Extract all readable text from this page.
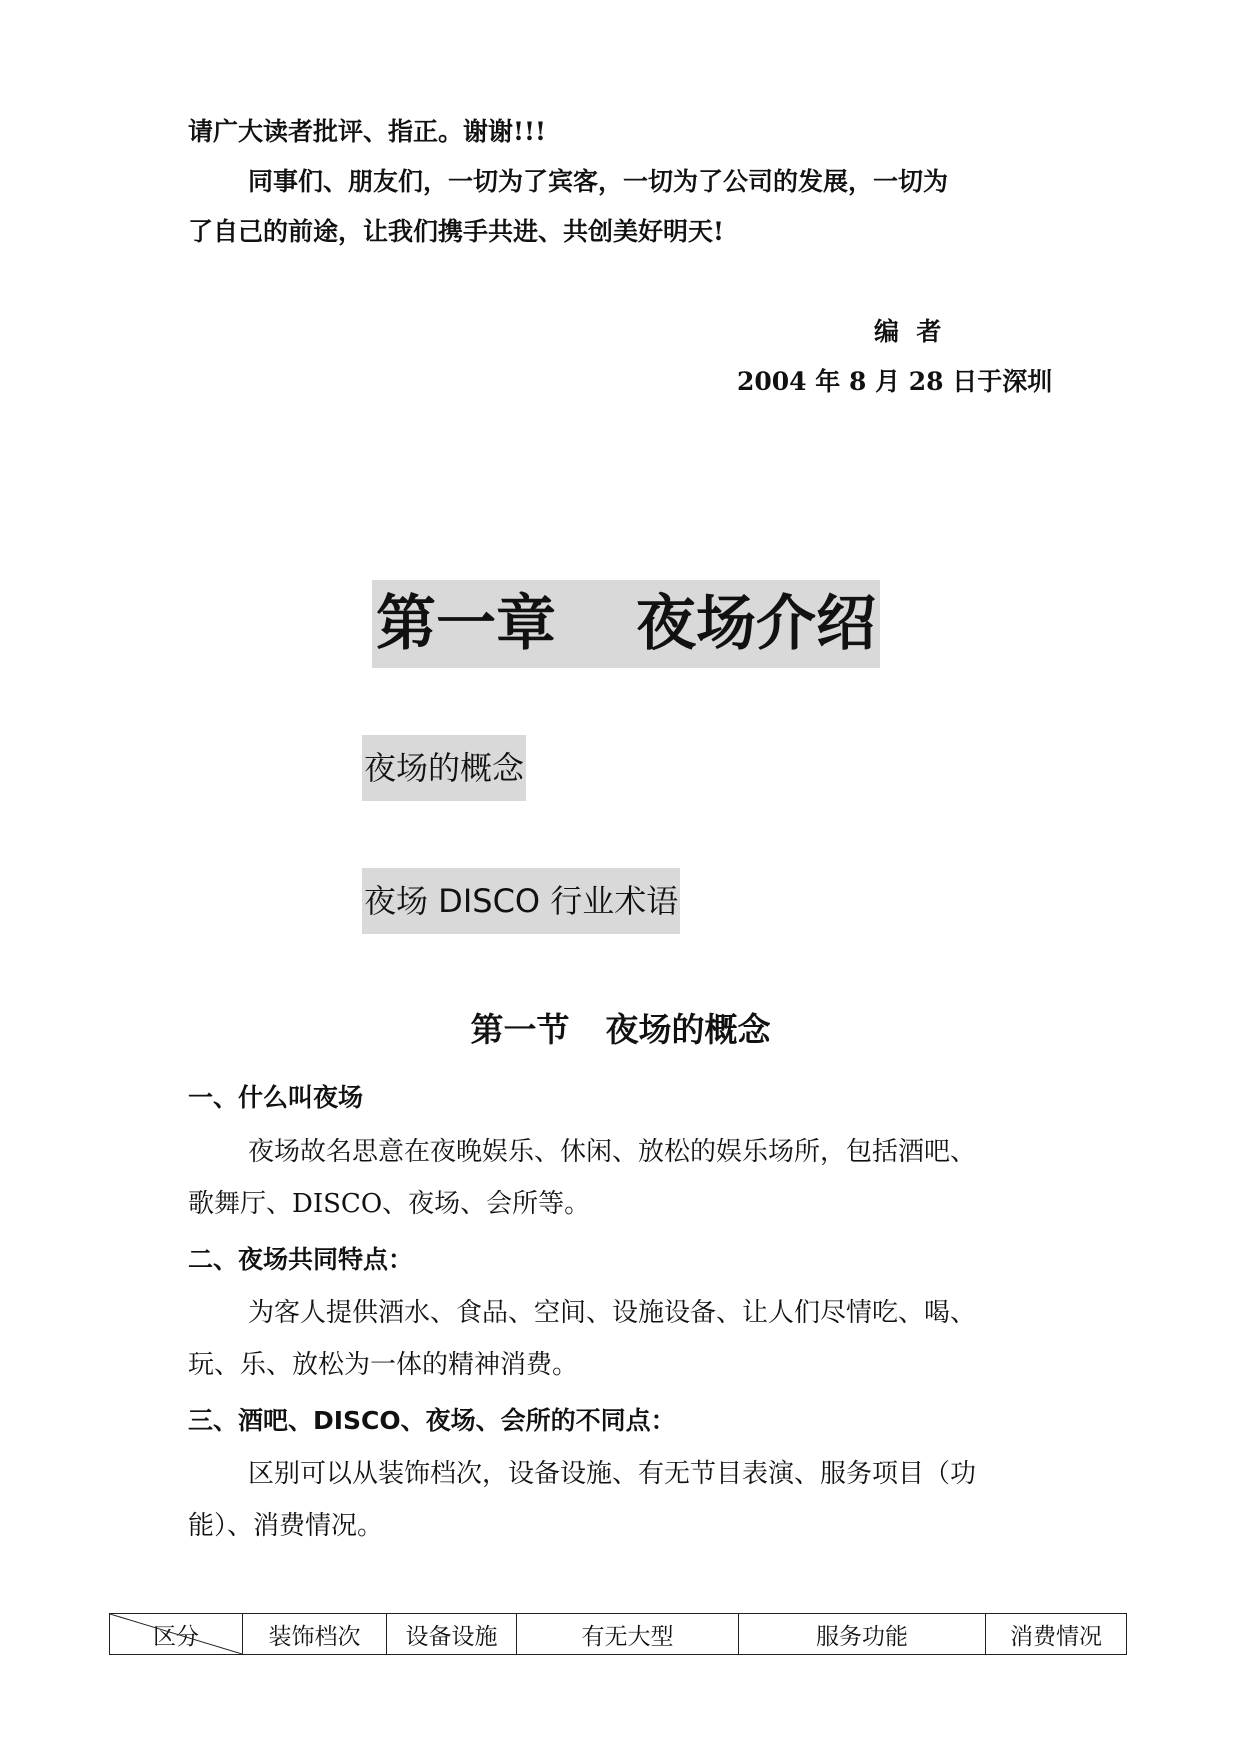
请广大读者批评、指正。谢谢!!!
同事们、朋友们，一切为了宾客，一切为了公司的发展，一切为
了自己的前途，让我们携手共进、共创美好明天!
编  者
2004 年 8 月 28 日于深圳
第一章 夜场介绍
夜场的概念
夜场 DISCO 行业术语
第一节 夜场的概念
一、什么叫夜场
夜场故名思意在夜晚娱乐、休闲、放松的娱乐场所，包括酒吧、
歌舞厅、DISCO、夜场、会所等。
二、夜场共同特点：
为客人提供酒水、食品、空间、设施设备、让人们尽情吃、喝、
玩、乐、放松为一体的精神消费。
三、酒吧、DISCO、夜场、会所的不同点：
区别可以从装饰档次，设备设施、有无节目表演、服务项目（功
能）、消费情况。
区分	装饰档次	设备设施	有无大型	服务功能	消费情况
